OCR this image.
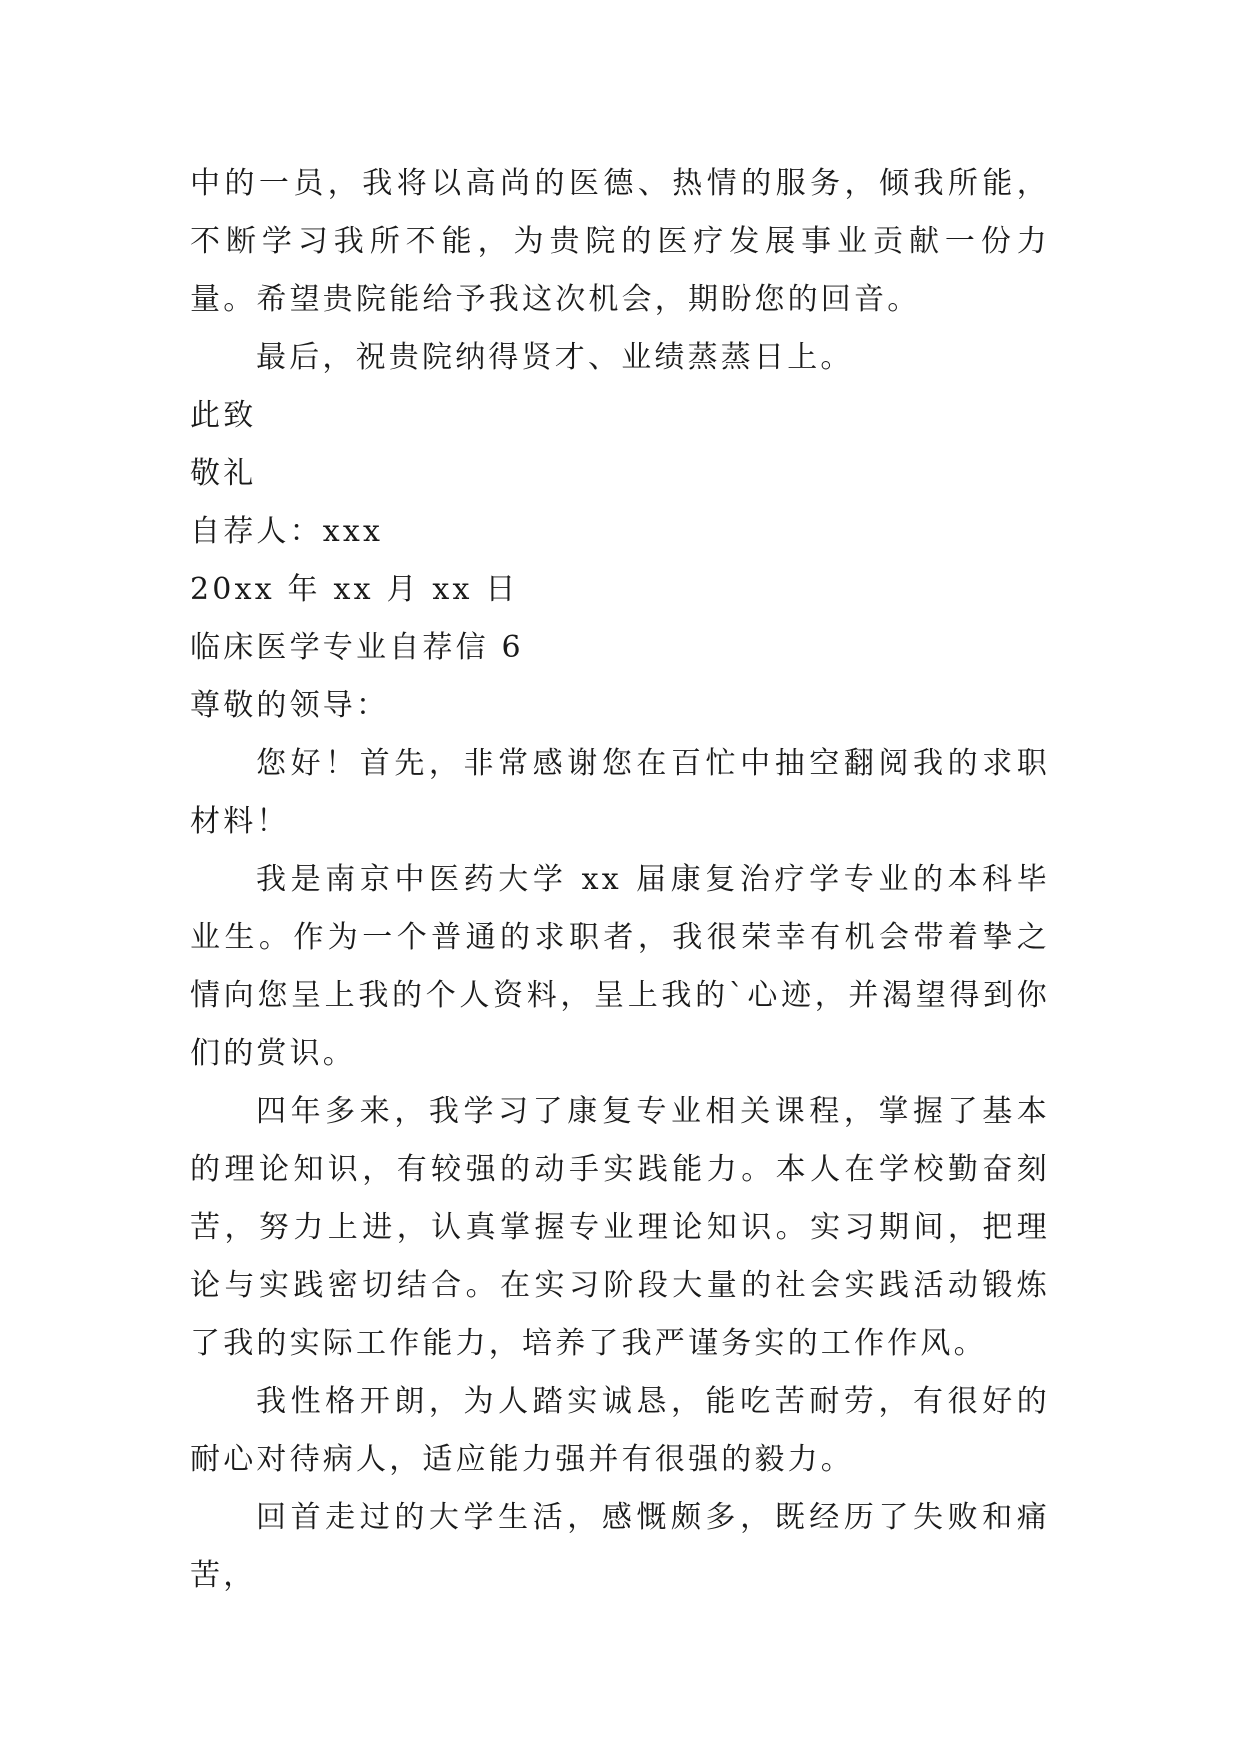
中的一员，我将以高尚的医德、热情的服务，倾我所能，不断学习我所不能，为贵院的医疗发展事业贡献一份力量。希望贵院能给予我这次机会，期盼您的回音。

最后，祝贵院纳得贤才、业绩蒸蒸日上。

此致

敬礼

自荐人：xxx

20xx 年 xx 月 xx 日

临床医学专业自荐信 6

尊敬的领导：

您好！首先，非常感谢您在百忙中抽空翻阅我的求职材料！

我是南京中医药大学 xx 届康复治疗学专业的本科毕业生。作为一个普通的求职者，我很荣幸有机会带着挚之情向您呈上我的个人资料，呈上我的`心迹，并渴望得到你们的赏识。

四年多来，我学习了康复专业相关课程，掌握了基本的理论知识，有较强的动手实践能力。本人在学校勤奋刻苦，努力上进，认真掌握专业理论知识。实习期间，把理论与实践密切结合。在实习阶段大量的社会实践活动锻炼了我的实际工作能力，培养了我严谨务实的工作作风。

我性格开朗，为人踏实诚恳，能吃苦耐劳，有很好的耐心对待病人，适应能力强并有很强的毅力。

回首走过的大学生活，感慨颇多，既经历了失败和痛苦，
